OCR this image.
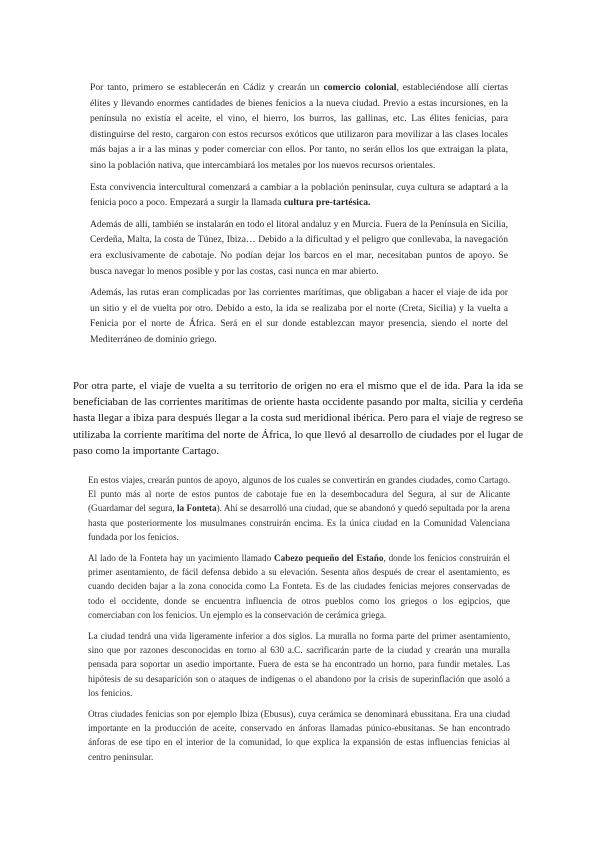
Por tanto, primero se establecerán en Cádiz y crearán un comercio colonial, estableciéndose allí ciertas élites y llevando enormes cantidades de bienes fenicios a la nueva ciudad. Previo a estas incursiones, en la península no existía el aceite, el vino, el hierro, los burros, las gallinas, etc. Las élites fenicias, para distinguirse del resto, cargaron con estos recursos exóticos que utilizaron para movilizar a las clases locales más bajas a ir a las minas y poder comerciar con ellos. Por tanto, no serán ellos los que extraigan la plata, sino la población nativa, que intercambiará los metales por los nuevos recursos orientales.

Esta convivencia intercultural comenzará a cambiar a la población peninsular, cuya cultura se adaptará a la fenicia poco a poco. Empezará a surgir la llamada cultura pre-tartésica.

Además de allí, también se instalarán en todo el litoral andaluz y en Murcia. Fuera de la Península en Sicilia, Cerdeña, Malta, la costa de Túnez, Ibiza… Debido a la dificultad y el peligro que conllevaba, la navegación era exclusivamente de cabotaje. No podían dejar los barcos en el mar, necesitaban puntos de apoyo. Se busca navegar lo menos posible y por las costas, casi nunca en mar abierto.

Además, las rutas eran complicadas por las corrientes marítimas, que obligaban a hacer el viaje de ida por un sitio y el de vuelta por otro. Debido a esto, la ida se realizaba por el norte (Creta, Sicilia) y la vuelta a Fenicia por el norte de África. Será en el sur donde establezcan mayor presencia, siendo el norte del Mediterráneo de dominio griego.

Por otra parte, el viaje de vuelta a su territorio de origen no era el mismo que el de ida. Para la ida se beneficiaban de las corrientes marítimas de oriente hasta occidente pasando por malta, sicilia y cerdeña hasta llegar a ibiza para después llegar a la costa sud meridional ibérica. Pero para el viaje de regreso se utilizaba la corriente marítima del norte de África, lo que llevó al desarrollo de ciudades por el lugar de paso como la importante Cartago.

En estos viajes, crearán puntos de apoyo, algunos de los cuales se convertirán en grandes ciudades, como Cartago. El punto más al norte de estos puntos de cabotaje fue en la desembocadura del Segura, al sur de Alicante (Guardamar del segura, la Fonteta). Ahí se desarrolló una ciudad, que se abandonó y quedó sepultada por la arena hasta que posteriormente los musulmanes construirán encima. Es la única ciudad en la Comunidad Valenciana fundada por los fenicios.

Al lado de la Fonteta hay un yacimiento llamado Cabezo pequeño del Estaño, donde los fenicios construirán el primer asentamiento, de fácil defensa debido a su elevación. Sesenta años después de crear el asentamiento, es cuando deciden bajar a la zona conocida como La Fonteta. Es de las ciudades fenicias mejores conservadas de todo el occidente, donde se encuentra influencia de otros pueblos como los griegos o los egipcios, que comerciaban con los fenicios. Un ejemplo es la conservación de cerámica griega.

La ciudad tendrá una vida ligeramente inferior a dos siglos. La muralla no forma parte del primer asentamiento, sino que por razones desconocidas en torno al 630 a.C. sacrificarán parte de la ciudad y crearán una muralla pensada para soportar un asedio importante. Fuera de esta se ha encontrado un horno, para fundir metales. Las hipótesis de su desaparición son o ataques de indígenas o el abandono por la crisis de superinflación que asoló a los fenicios.

Otras ciudades fenicias son por ejemplo Ibiza (Ebusus), cuya cerámica se denominará ebussitana. Era una ciudad importante en la producción de aceite, conservado en ánforas llamadas púnico-ebusitanas. Se han encontrado ánforas de ese tipo en el interior de la comunidad, lo que explica la expansión de estas influencias fenicias al centro peninsular.
